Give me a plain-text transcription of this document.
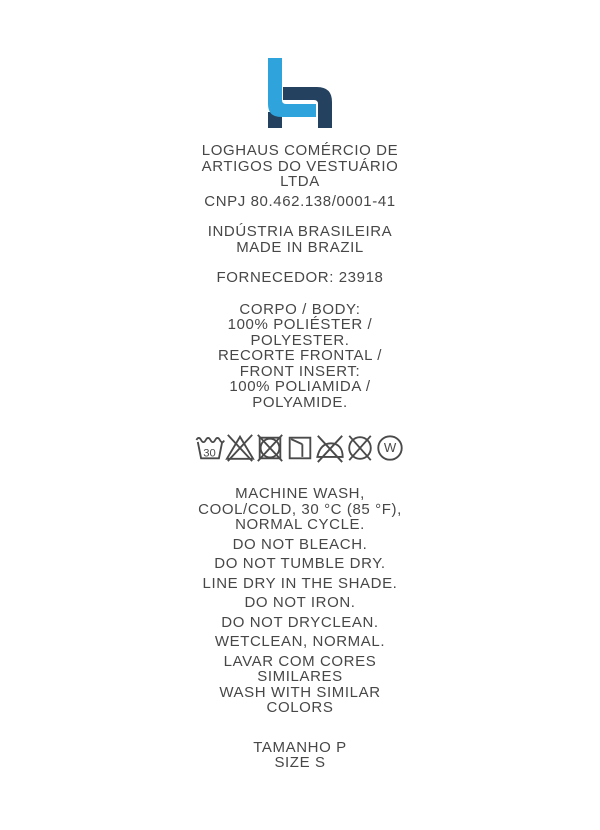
LOGHAUS COMÉRCIO DE
ARTIGOS DO VESTUÁRIO
LTDA
CNPJ 80.462.138/0001-41
INDÚSTRIA BRASILEIRA
MADE IN BRAZIL
FORNECEDOR: 23918
CORPO / BODY:
100% POLIÉSTER /
POLYESTER.
RECORTE FRONTAL /
FRONT INSERT:
100% POLIAMIDA /
POLYAMIDE.
30	W

MACHINE WASH,
COOL/COLD, 30 °C (85 °F),
NORMAL CYCLE.

DO NOT BLEACH.

DO NOT TUMBLE DRY.

LINE DRY IN THE SHADE.

DO NOT IRON.

DO NOT DRYCLEAN.

WETCLEAN, NORMAL.

LAVAR COM CORES
SIMILARES
WASH WITH SIMILAR
COLORS

TAMANHO P
SIZE S
